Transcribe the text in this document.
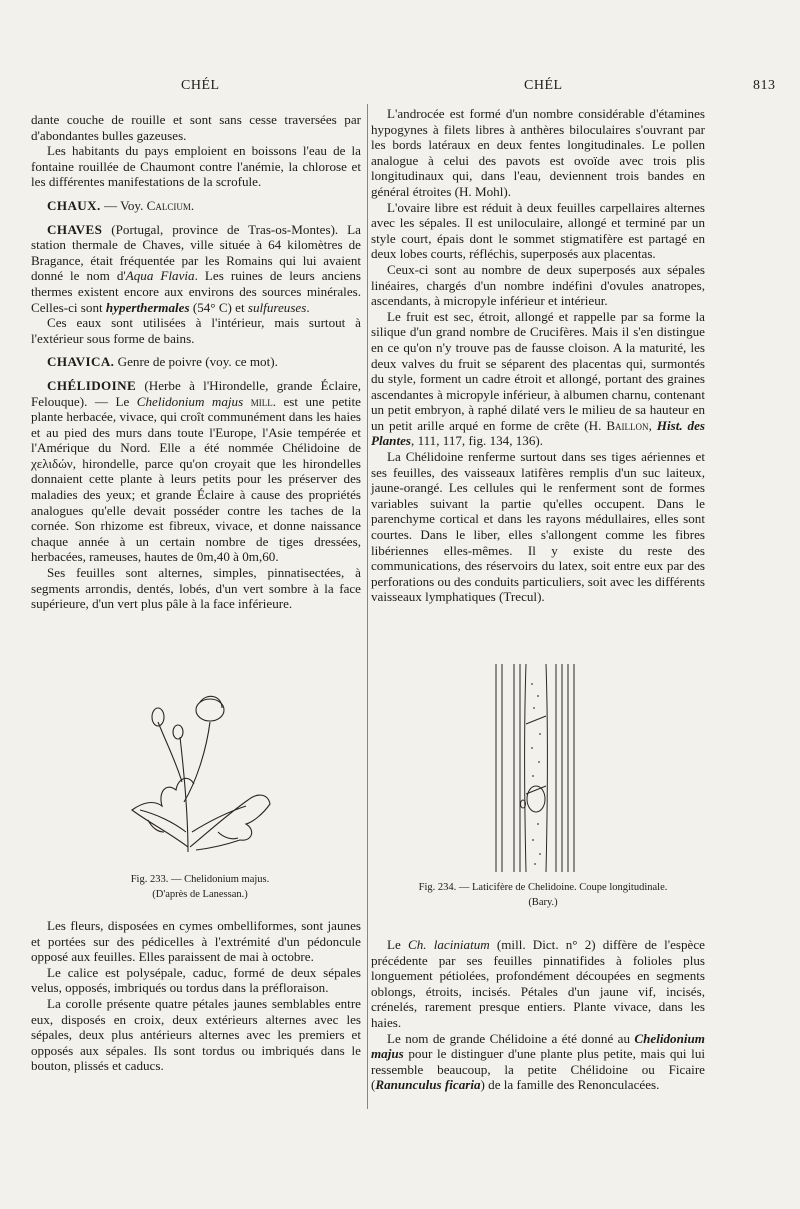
CHÉL	CHÉL	813

dante couche de rouille et sont sans cesse traversées par d'abondantes bulles gazeuses.

Les habitants du pays emploient en boissons l'eau de la fontaine rouillée de Chaumont contre l'anémie, la chlorose et les différentes manifestations de la scrofule.

CHAUX. — Voy. Calcium.

CHAVES (Portugal, province de Tras-os-Montes). La station thermale de Chaves, ville située à 64 kilomètres de Bragance, était fréquentée par les Romains qui lui avaient donné le nom d'Aqua Flavia. Les ruines de leurs anciens thermes existent encore aux environs des sources minérales. Celles-ci sont hyperthermales (54° C) et sulfureuses.

Ces eaux sont utilisées à l'intérieur, mais surtout à l'extérieur sous forme de bains.

CHAVICA. Genre de poivre (voy. ce mot).

CHÉLIDOINE (Herbe à l'Hirondelle, grande Éclaire, Felouque). — Le Chelidonium majus mill. est une petite plante herbacée, vivace, qui croît communément dans les haies et au pied des murs dans toute l'Europe, l'Asie tempérée et l'Amérique du Nord. Elle a été nommée Chélidoine de χελιδών, hirondelle, parce qu'on croyait que les hirondelles donnaient cette plante à leurs petits pour les préserver des maladies des yeux; et grande Éclaire à cause des propriétés analogues qu'elle devait posséder contre les taches de la cornée. Son rhizome est fibreux, vivace, et donne naissance chaque année à un certain nombre de tiges dressées, herbacées, rameuses, hautes de 0m,40 à 0m,60.

Ses feuilles sont alternes, simples, pinnatisectées, à segments arrondis, dentés, lobés, d'un vert sombre à la face supérieure, d'un vert plus pâle à la face inférieure.

Fig. 233. — Chelidonium majus.
(D'après de Lanessan.)

Les fleurs, disposées en cymes ombelliformes, sont jaunes et portées sur des pédicelles à l'extrémité d'un pédoncule opposé aux feuilles. Elles paraissent de mai à octobre.

Le calice est polysépale, caduc, formé de deux sépales velus, opposés, imbriqués ou tordus dans la préfloraison.

La corolle présente quatre pétales jaunes semblables entre eux, disposés en croix, deux extérieurs alternes avec les sépales, deux plus antérieurs alternes avec les premiers et opposés aux sépales. Ils sont tordus ou imbriqués dans le bouton, plissés et caducs.

L'androcée est formé d'un nombre considérable d'étamines hypogynes à filets libres à anthères biloculaires s'ouvrant par les bords latéraux en deux fentes longitudinales. Le pollen analogue à celui des pavots est ovoïde avec trois plis longitudinaux qui, dans l'eau, deviennent trois bandes en général étroites (H. Mohl).

L'ovaire libre est réduit à deux feuilles carpellaires alternes avec les sépales. Il est uniloculaire, allongé et terminé par un style court, épais dont le sommet stigmatifère est partagé en deux lobes courts, réfléchis, superposés aux placentas.

Ceux-ci sont au nombre de deux superposés aux sépales linéaires, chargés d'un nombre indéfini d'ovules anatropes, ascendants, à micropyle inférieur et intérieur.

Le fruit est sec, étroit, allongé et rappelle par sa forme la silique d'un grand nombre de Crucifères. Mais il s'en distingue en ce qu'on n'y trouve pas de fausse cloison. A la maturité, les deux valves du fruit se séparent des placentas qui, surmontés du style, forment un cadre étroit et allongé, portant des graines ascendantes à micropyle inférieur, à albumen charnu, contenant un petit embryon, à raphé dilaté vers le milieu de sa hauteur en un petit arille arqué en forme de crête (H. Baillon, Hist. des Plantes, 111, 117, fig. 134, 136).

La Chélidoine renferme surtout dans ses tiges aériennes et ses feuilles, des vaisseaux latifères remplis d'un suc laiteux, jaune-orangé. Les cellules qui le renferment sont de formes variables suivant la partie qu'elles occupent. Dans le parenchyme cortical et dans les rayons médullaires, elles sont courtes. Dans le liber, elles s'allongent comme les fibres libériennes elles-mêmes. Il y existe du reste des communications, des réservoirs du latex, soit entre eux par des perforations ou des conduits particuliers, soit avec les différents vaisseaux lymphatiques (Trecul).

Fig. 234. — Laticifère de Chelidoine. Coupe longitudinale.
(Bary.)

Le Ch. laciniatum (mill. Dict. n° 2) diffère de l'espèce précédente par ses feuilles pinnatifides à folioles plus longuement pétiolées, profondément découpées en segments oblongs, étroits, incisés. Pétales d'un jaune vif, incisés, crénelés, rarement presque entiers. Plante vivace, dans les haies.

Le nom de grande Chélidoine a été donné au Chelidonium majus pour le distinguer d'une plante plus petite, mais qui lui ressemble beaucoup, la petite Chélidoine ou Ficaire (Ranunculus ficaria) de la famille des Renonculacées.
